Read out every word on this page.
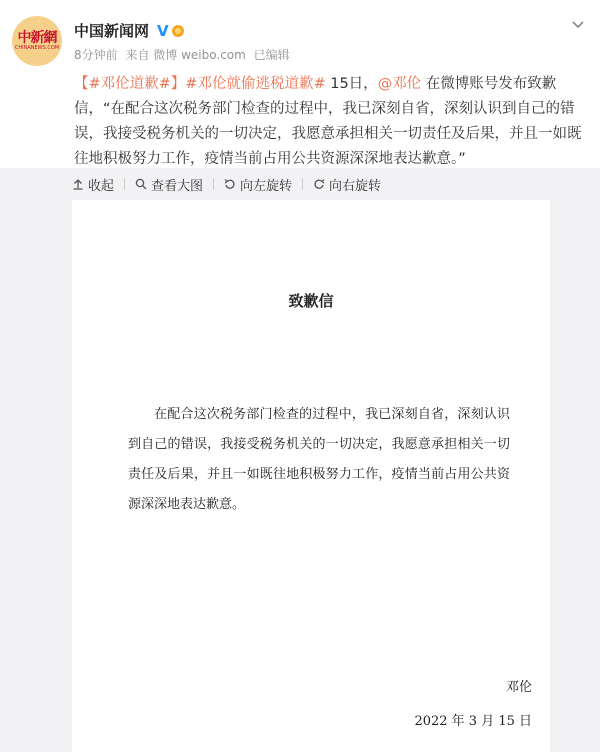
中新網
CHINANEWS.COM
中国新闻网 V
8分钟前 来自 微博 weibo.com 已编辑
【#邓伦道歉#】#邓伦就偷逃税道歉# 15日，@邓伦 在微博账号发布致歉信，“在配合这次税务部门检查的过程中，我已深刻自省，深刻认识到自己的错误，我接受税务机关的一切决定，我愿意承担相关一切责任及后果，并且一如既往地积极努力工作，疫情当前占用公共资源深深地表达歉意。”
收起	查看大图	向左旋转	向右旋转
致歉信
在配合这次税务部门检查的过程中，我已深刻自省，深刻认识到自己的错误，我接受税务机关的一切决定，我愿意承担相关一切责任及后果，并且一如既往地积极努力工作，疫情当前占用公共资源深深地表达歉意。
邓伦
2022 年 3 月 15 日
